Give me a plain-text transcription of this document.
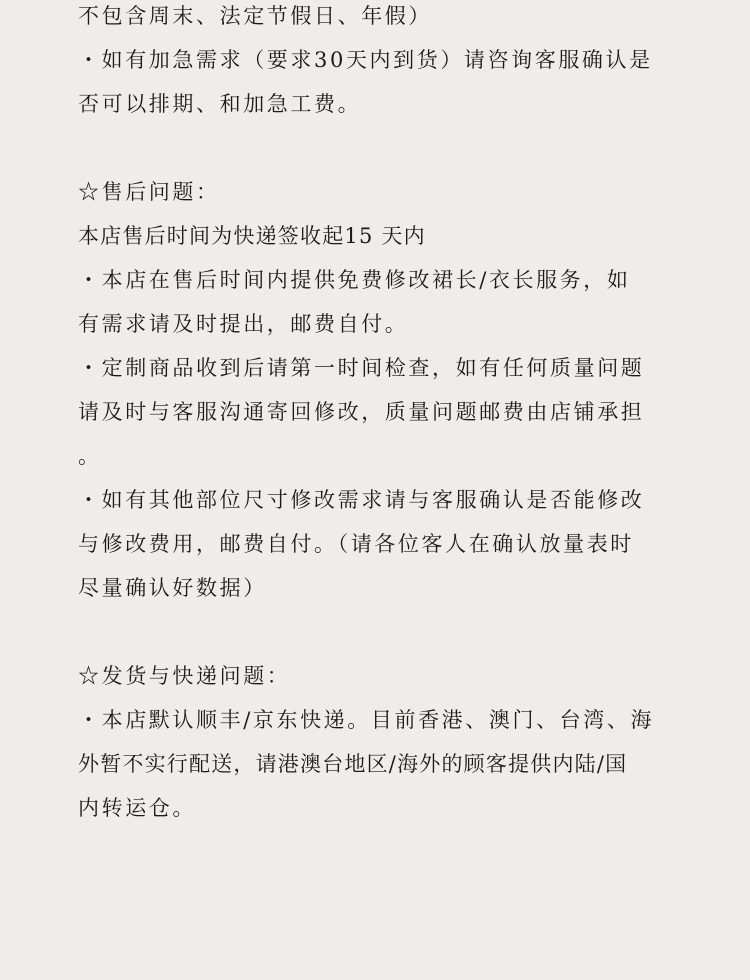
不包含周末、法定节假日、年假）
・如有加急需求（要求30天内到货）请咨询客服确认是
否可以排期、和加急工费。
☆售后问题：
本店售后时间为快递签收起15 天内
・本店在售后时间内提供免费修改裙长/衣长服务，如
有需求请及时提出，邮费自付。
・定制商品收到后请第一时间检查，如有任何质量问题
请及时与客服沟通寄回修改，质量问题邮费由店铺承担
。
・如有其他部位尺寸修改需求请与客服确认是否能修改
与修改费用，邮费自付。（请各位客人在确认放量表时
尽量确认好数据）
☆发货与快递问题：
・本店默认顺丰/京东快递。目前香港、澳门、台湾、海
外暂不实行配送，请港澳台地区/海外的顾客提供内陆/国
内转运仓。
